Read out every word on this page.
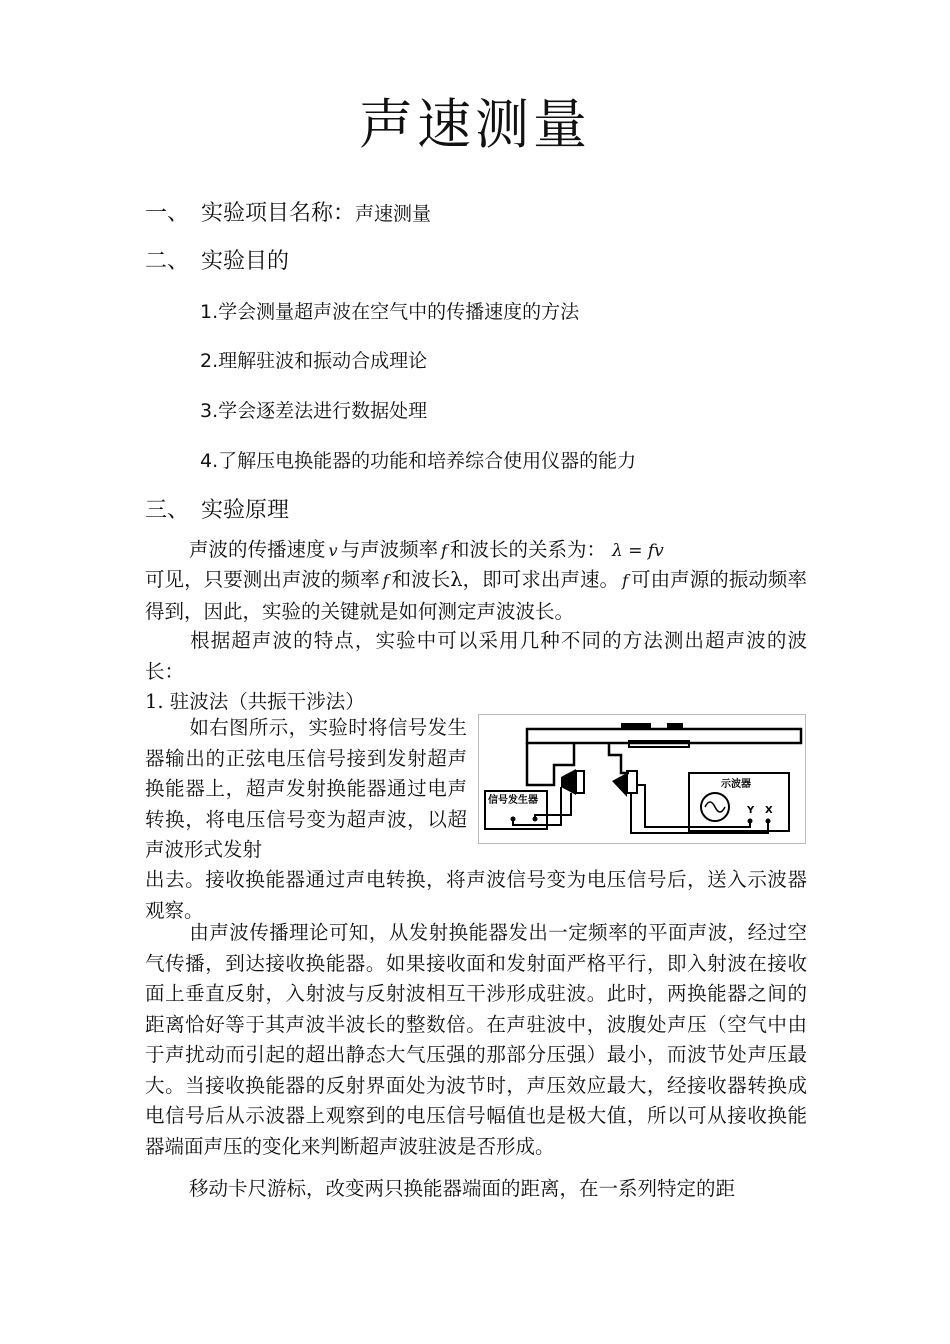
声速测量
一、 实验项目名称：声速测量
二、 实验目的
1.学会测量超声波在空气中的传播速度的方法
2.理解驻波和振动合成理论
3.学会逐差法进行数据处理
4.了解压电换能器的功能和培养综合使用仪器的能力
三、 实验原理

声波的传播速度 v 与声波频率 f 和波长的关系为： λ = fv

可见，只要测出声波的频率 f 和波长λ，即可求出声速。 f 可由声源的振动频率得到，因此，实验的关键就是如何测定声波波长。

根据超声波的特点，实验中可以采用几种不同的方法测出超声波的波长：

1. 驻波法（共振干涉法）

如右图所示，实验时将信号发生器输出的正弦电压信号接到发射超声换能器上，超声发射换能器通过电声转换，将电压信号变为超声波，以超声波形式发射

出去。接收换能器通过声电转换，将声波信号变为电压信号后，送入示波器观察。

信号发生器
示波器
Y X

由声波传播理论可知，从发射换能器发出一定频率的平面声波，经过空气传播，到达接收换能器。如果接收面和发射面严格平行，即入射波在接收面上垂直反射，入射波与反射波相互干涉形成驻波。此时，两换能器之间的距离恰好等于其声波半波长的整数倍。在声驻波中，波腹处声压（空气中由于声扰动而引起的超出静态大气压强的那部分压强）最小，而波节处声压最大。当接收换能器的反射界面处为波节时，声压效应最大，经接收器转换成电信号后从示波器上观察到的电压信号幅值也是极大值，所以可从接收换能器端面声压的变化来判断超声波驻波是否形成。

移动卡尺游标，改变两只换能器端面的距离，在一系列特定的距
